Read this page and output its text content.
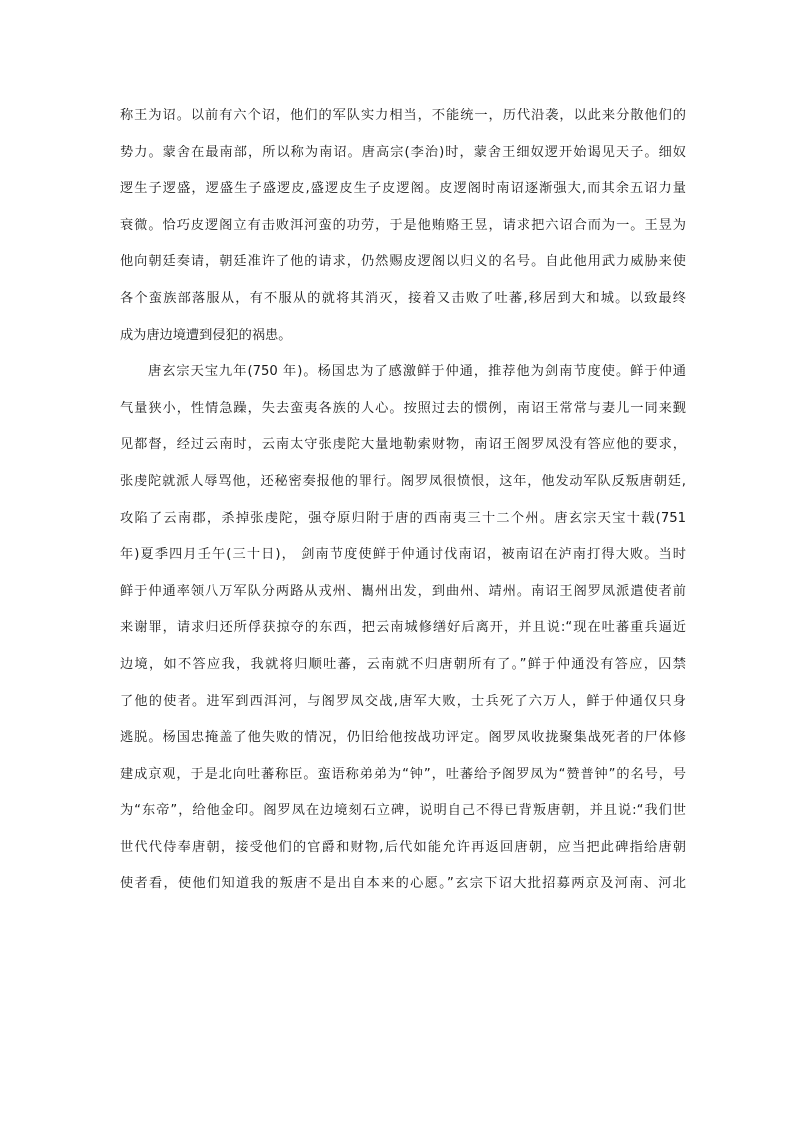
称王为诏。以前有六个诏，他们的军队实力相当，不能统一，历代沿袭，以此来分散他们的
势力。蒙舍在最南部，所以称为南诏。唐高宗(李治)时，蒙舍王细奴逻开始谒见天子。细奴
逻生子逻盛，逻盛生子盛逻皮,盛逻皮生子皮逻阁。皮逻阁时南诏逐渐强大,而其余五诏力量
衰微。恰巧皮逻阁立有击败洱河蛮的功劳，于是他贿赂王昱，请求把六诏合而为一。王昱为
他向朝廷奏请，朝廷准许了他的请求，仍然赐皮逻阁以归义的名号。自此他用武力威胁来使
各个蛮族部落服从，有不服从的就将其消灭，接着又击败了吐蕃,移居到大和城。以致最终
成为唐边境遭到侵犯的祸患。
唐玄宗天宝九年(750 年)。杨国忠为了感激鲜于仲通，推荐他为剑南节度使。鲜于仲通
气量狭小，性情急躁，失去蛮夷各族的人心。按照过去的惯例，南诏王常常与妻儿一同来觐
见都督，经过云南时，云南太守张虔陀大量地勒索财物，南诏王阁罗凤没有答应他的要求，
张虔陀就派人辱骂他，还秘密奏报他的罪行。阁罗凤很愤恨，这年，他发动军队反叛唐朝廷,
攻陷了云南郡，杀掉张虔陀，强夺原归附于唐的西南夷三十二个州。唐玄宗天宝十载(751
年)夏季四月壬午(三十日)， 剑南节度使鲜于仲通讨伐南诏，被南诏在泸南打得大败。当时
鲜于仲通率领八万军队分两路从戎州、巂州出发，到曲州、靖州。南诏王阁罗凤派遣使者前
来谢罪，请求归还所俘获掠夺的东西，把云南城修缮好后离开，并且说:“现在吐蕃重兵逼近
边境，如不答应我，我就将归顺吐蕃，云南就不归唐朝所有了。”鲜于仲通没有答应，囚禁
了他的使者。进军到西洱河，与阁罗凤交战,唐军大败，士兵死了六万人，鲜于仲通仅只身
逃脱。杨国忠掩盖了他失败的情况，仍旧给他按战功评定。阁罗凤收拢聚集战死者的尸体修
建成京观，于是北向吐蕃称臣。蛮语称弟弟为“钟”，吐蕃给予阁罗凤为“赞普钟”的名号，号
为“东帝”，给他金印。阁罗凤在边境刻石立碑，说明自己不得已背叛唐朝，并且说:“我们世
世代代侍奉唐朝，接受他们的官爵和财物,后代如能允许再返回唐朝，应当把此碑指给唐朝
使者看，使他们知道我的叛唐不是出自本来的心愿。”玄宗下诏大批招募两京及河南、河北
